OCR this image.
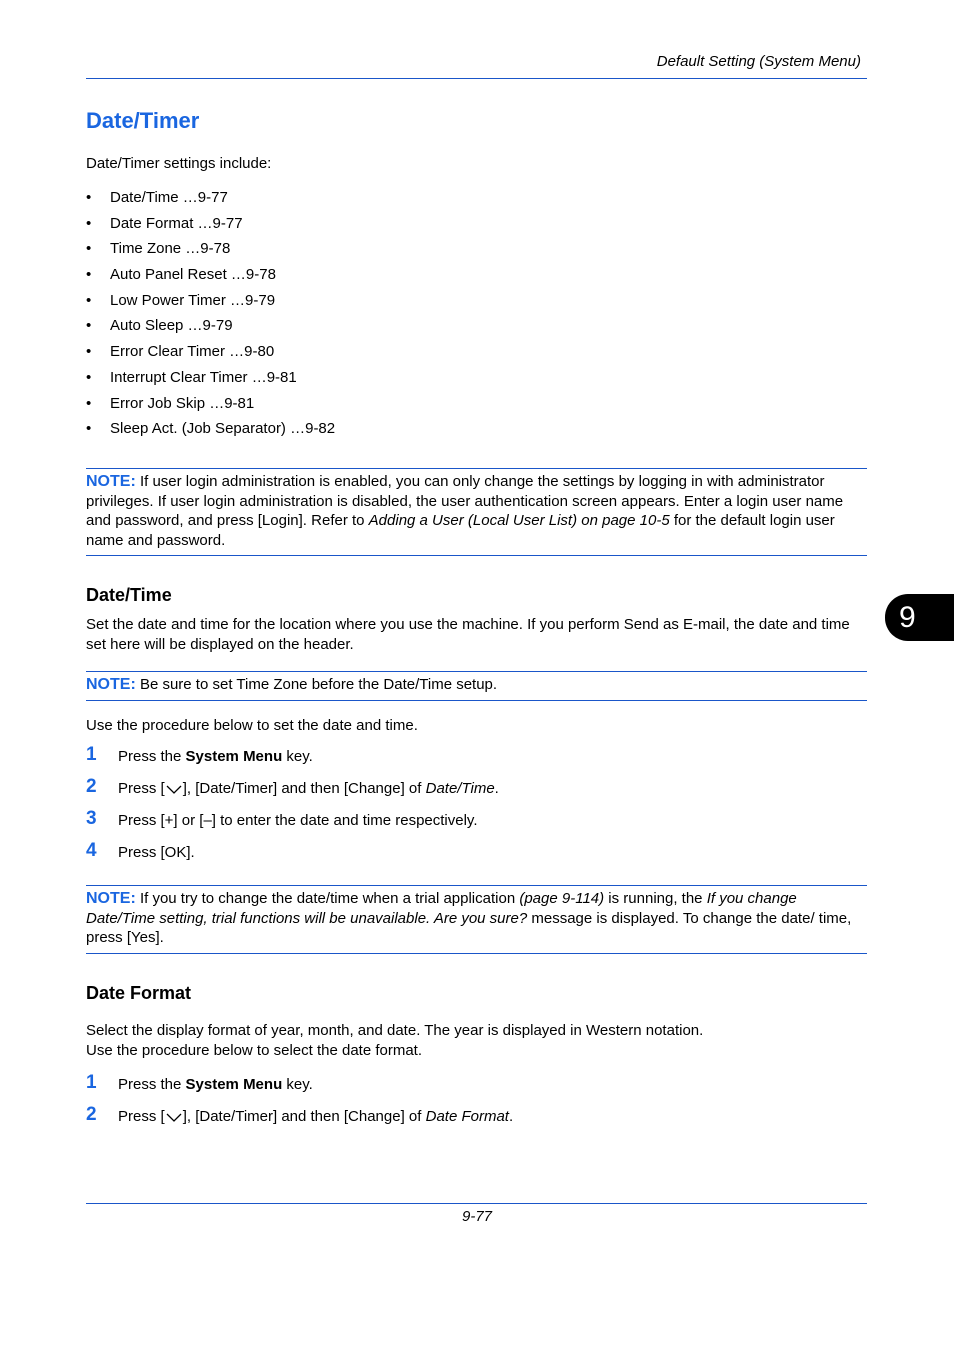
Default Setting (System Menu)
Date/Timer
Date/Timer settings include:
• Date/Time …9-77
• Date Format …9-77
• Time Zone …9-78
• Auto Panel Reset …9-78
• Low Power Timer …9-79
• Auto Sleep …9-79
• Error Clear Timer …9-80
• Interrupt Clear Timer …9-81
• Error Job Skip …9-81
• Sleep Act. (Job Separator) …9-82
NOTE: If user login administration is enabled, you can only change the settings by logging in with administrator privileges. If user login administration is disabled, the user authentication screen appears. Enter a login user name and password, and press [Login]. Refer to Adding a User (Local User List) on page 10-5 for the default login user name and password.
Date/Time
Set the date and time for the location where you use the machine. If you perform Send as E-mail, the date and time set here will be displayed on the header.
NOTE: Be sure to set Time Zone before the Date/Time setup.
Use the procedure below to set the date and time.
1 Press the System Menu key.
2 Press [ ], [Date/Timer] and then [Change] of Date/Time.
3 Press [+] or [–] to enter the date and time respectively.
4 Press [OK].
NOTE: If you try to change the date/time when a trial application (page 9-114) is running, the If you change Date/Time setting, trial functions will be unavailable. Are you sure? message is displayed. To change the date/ time, press [Yes].
Date Format
Select the display format of year, month, and date. The year is displayed in Western notation.
Use the procedure below to select the date format.
1 Press the System Menu key.
2 Press [ ], [Date/Timer] and then [Change] of Date Format.
9
9-77
